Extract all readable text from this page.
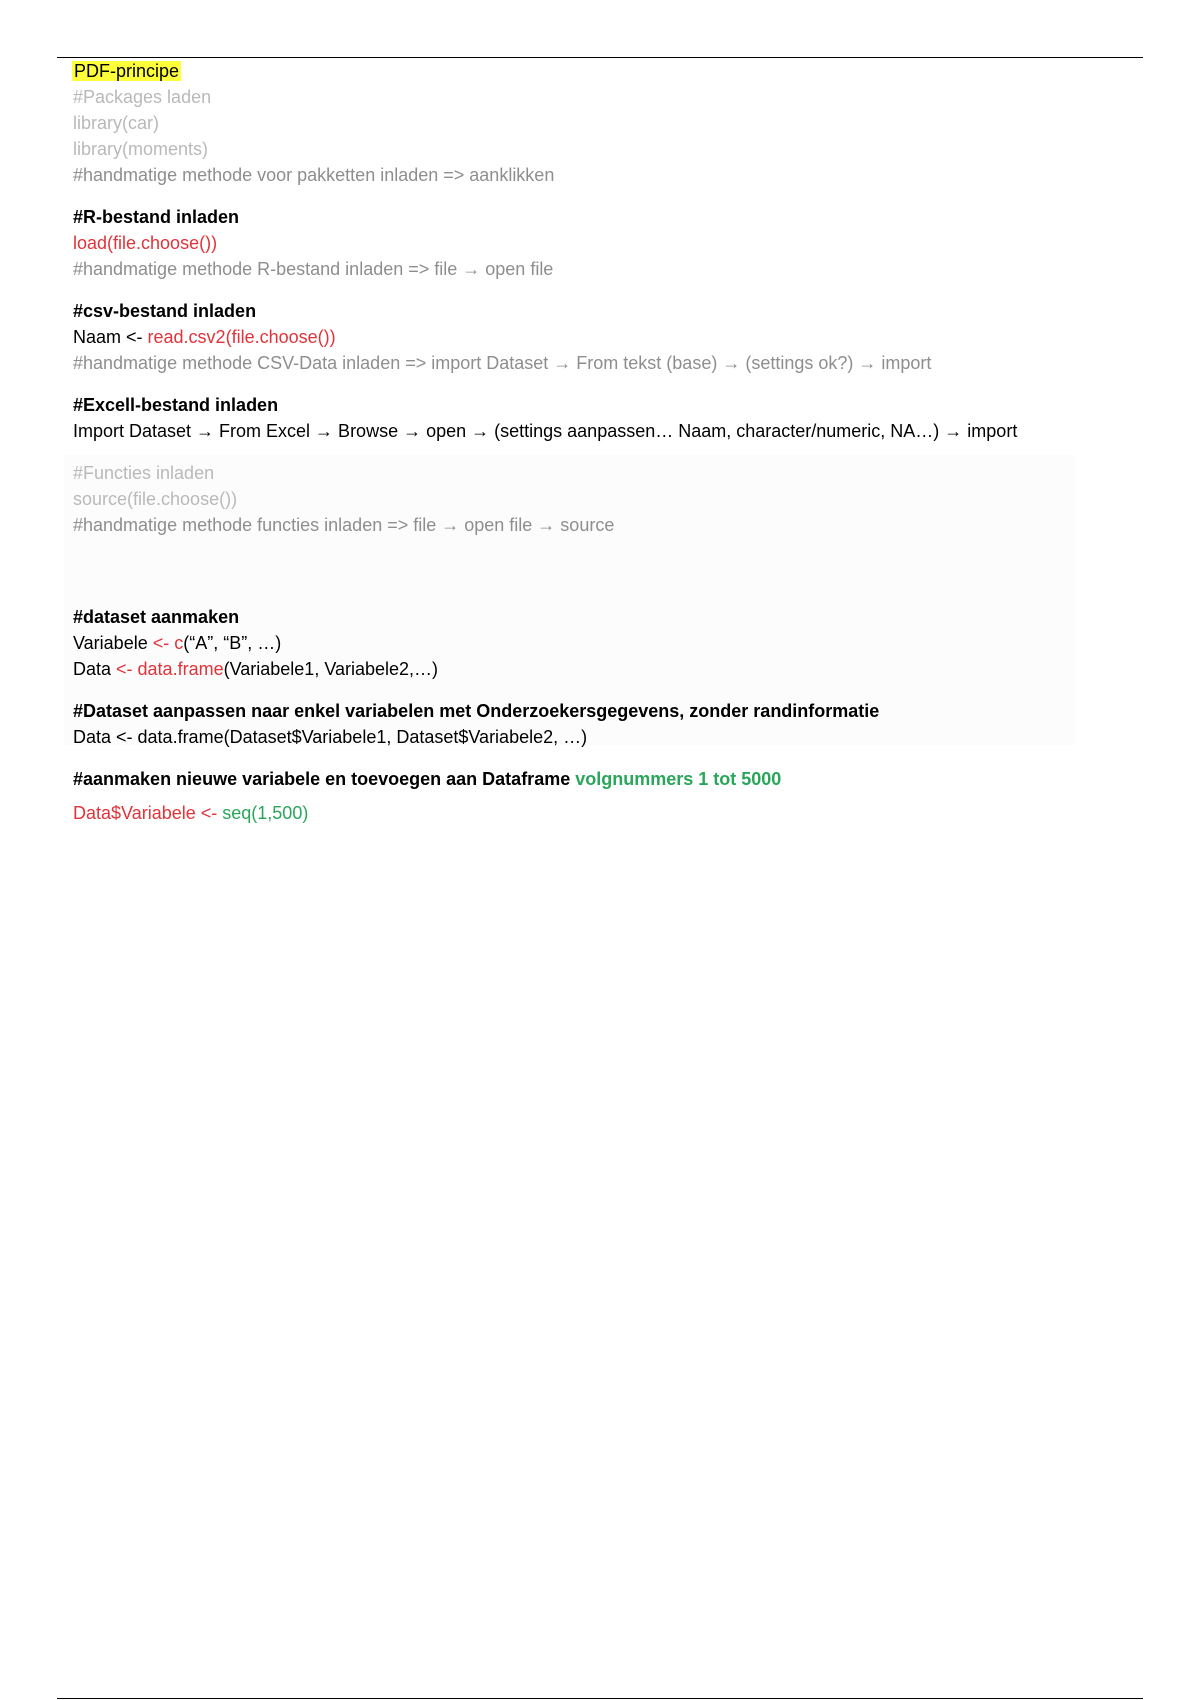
PDF-principe
#Packages laden
library(car)
library(moments)
#handmatige methode voor pakketten inladen => aanklikken
#R-bestand inladen
load(file.choose())
#handmatige methode R-bestand inladen => file → open file
#csv-bestand inladen
Naam <- read.csv2(file.choose())
#handmatige methode CSV-Data inladen => import Dataset → From tekst (base) → (settings ok?) → import
#Excell-bestand inladen
Import Dataset → From Excel → Browse → open → (settings aanpassen… Naam, character/numeric, NA…) → import
#Functies inladen
source(file.choose())
#handmatige methode functies inladen => file → open file → source
#dataset aanmaken
Variabele <- c(“A”, “B”, …)
Data <- data.frame(Variabele1, Variabele2,…)
#Dataset aanpassen naar enkel variabelen met Onderzoekersgegevens, zonder randinformatie
Data <- data.frame(Dataset$Variabele1, Dataset$Variabele2, …)
#aanmaken nieuwe variabele en toevoegen aan Dataframe volgnummers 1 tot 5000
Data$Variabele <- seq(1,500)
